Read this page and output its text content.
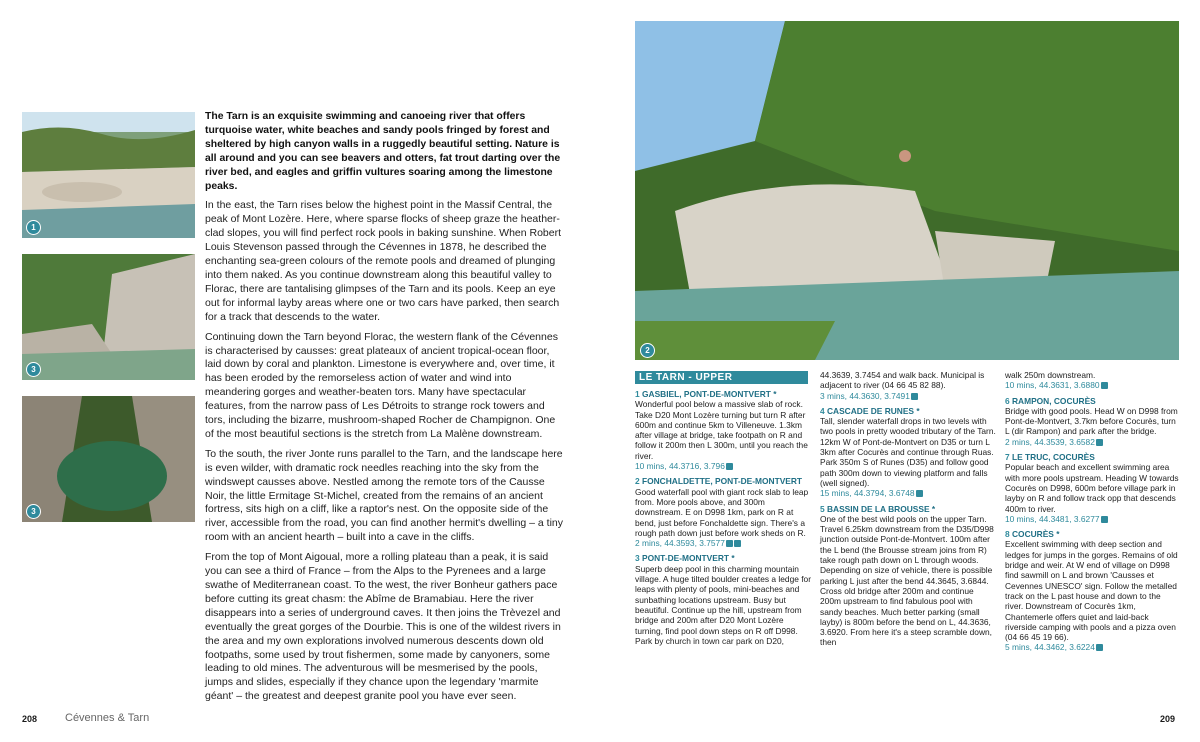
1
3
3

The Tarn is an exquisite swimming and canoeing river that offers turquoise water, white beaches and sandy pools fringed by forest and sheltered by high canyon walls in a ruggedly beautiful setting. Nature is all around and you can see beavers and otters, fat trout darting over the river bed, and eagles and griffin vultures soaring among the limestone peaks.

In the east, the Tarn rises below the highest point in the Massif Central, the peak of Mont Lozère. Here, where sparse flocks of sheep graze the heather-clad slopes, you will find perfect rock pools in baking sunshine. When Robert Louis Stevenson passed through the Cévennes in 1878, he described the enchanting sea-green colours of the remote pools and dreamed of plunging into them naked. As you continue downstream along this beautiful valley to Florac, there are tantalising glimpses of the Tarn and its pools. Keep an eye out for informal layby areas where one or two cars have parked, then search for a track that descends to the water.

Continuing down the Tarn beyond Florac, the western flank of the Cévennes is characterised by causses: great plateaux of ancient tropical-ocean floor, laid down by coral and plankton. Limestone is everywhere and, over time, it has been eroded by the remorseless action of water and wind into meandering gorges and weather-beaten tors. Many have spectacular features, from the narrow pass of Les Détroits to strange rock towers and tors, including the bizarre, mushroom-shaped Rocher de Champignon. One of the most beautiful sections is the stretch from La Malène downstream.

To the south, the river Jonte runs parallel to the Tarn, and the landscape here is even wilder, with dramatic rock needles reaching into the sky from the windswept causses above. Nestled among the remote tors of the Causse Noir, the little Ermitage St-Michel, created from the remains of an ancient fortress, sits high on a cliff, like a raptor's nest. On the opposite side of the river, accessible from the road, you can find another hermit's dwelling – a tiny room with an ancient hearth – built into a cave in the cliffs.

From the top of Mont Aigoual, more a rolling plateau than a peak, it is said you can see a third of France – from the Alps to the Pyrenees and a large swathe of Mediterranean coast. To the west, the river Bonheur gathers pace before cutting its great chasm: the Abîme de Bramabiau. Here the river disappears into a series of underground caves. It then joins the Trèvezel and eventually the great gorges of the Dourbie. This is one of the wildest rivers in the area and my own explorations involved numerous descents down old footpaths, some used by trout fishermen, some made by canyoners, some leading to old mines. The adventurous will be mesmerised by the pools, jumps and slides, especially if they chance upon the legendary 'marmite géant' – the greatest and deepest granite pool you have ever seen.

208	Cévennes & Tarn
2
LE TARN - UPPER
1 GASBIEL, PONT-DE-MONTVERT *
Wonderful pool below a massive slab of rock. Take D20 Mont Lozère turning but turn R after 600m and continue 5km to Villeneuve. 1.3km after village at bridge, take footpath on R and follow it 200m then L 300m, until you reach the river.
10 mins, 44.3716, 3.796
2 FONCHALDETTE, PONT-DE-MONTVERT
Good waterfall pool with giant rock slab to leap from. More pools above, and 300m downstream. E on D998 1km, park on R at bend, just before Fonchaldette sign. There's a rough path down just before work sheds on R.
2 mins, 44.3593, 3.7577
3 PONT-DE-MONTVERT *
Superb deep pool in this charming mountain village. A huge tilted boulder creates a ledge for leaps with plenty of pools, mini-beaches and sunbathing locations upstream. Busy but beautiful. Continue up the hill, upstream from bridge and 200m after D20 Mont Lozère turning, find pool down steps on R off D998. Park by church in town car park on D20,
44.3639, 3.7454 and walk back. Municipal is adjacent to river (04 66 45 82 88).
3 mins, 44.3630, 3.7491
4 CASCADE DE RUNES *
Tall, slender waterfall drops in two levels with two pools in pretty wooded tributary of the Tarn. 12km W of Pont-de-Montvert on D35 or turn L 3km after Cocurès and continue through Ruas. Park 350m S of Runes (D35) and follow good path 300m down to viewing platform and falls (well signed).
15 mins, 44.3794, 3.6748
5 BASSIN DE LA BROUSSE *
One of the best wild pools on the upper Tarn. Travel 6.25km downstream from the D35/D998 junction outside Pont-de-Montvert. 100m after the L bend (the Brousse stream joins from R) take rough path down on L through woods. Depending on size of vehicle, there is possible parking L just after the bend 44.3645, 3.6844. Cross old bridge after 200m and continue 200m upstream to find fabulous pool with sandy beaches. Much better parking (small layby) is 800m before the bend on L, 44.3636, 3.6920. From here it's a steep scramble down, then
walk 250m downstream.
10 mins, 44.3631, 3.6880
6 RAMPON, COCURÈS
Bridge with good pools. Head W on D998 from Pont-de-Montvert, 3.7km before Cocurès, turn L (dir Rampon) and park after the bridge.
2 mins, 44.3539, 3.6582
7 LE TRUC, COCURÈS
Popular beach and excellent swimming area with more pools upstream. Heading W towards Cocurès on D998, 600m before village park in layby on R and follow track opp that descends 400m to river.
10 mins, 44.3481, 3.6277
8 COCURÈS *
Excellent swimming with deep section and ledges for jumps in the gorges. Remains of old bridge and weir. At W end of village on D998 find sawmill on L and brown 'Causses et Cevennes UNESCO' sign. Follow the metalled track on the L past house and down to the river. Downstream of Cocurès 1km, Chantemerle offers quiet and laid-back riverside camping with pools and a pizza oven (04 66 45 19 66).
5 mins, 44.3462, 3.6224
209
